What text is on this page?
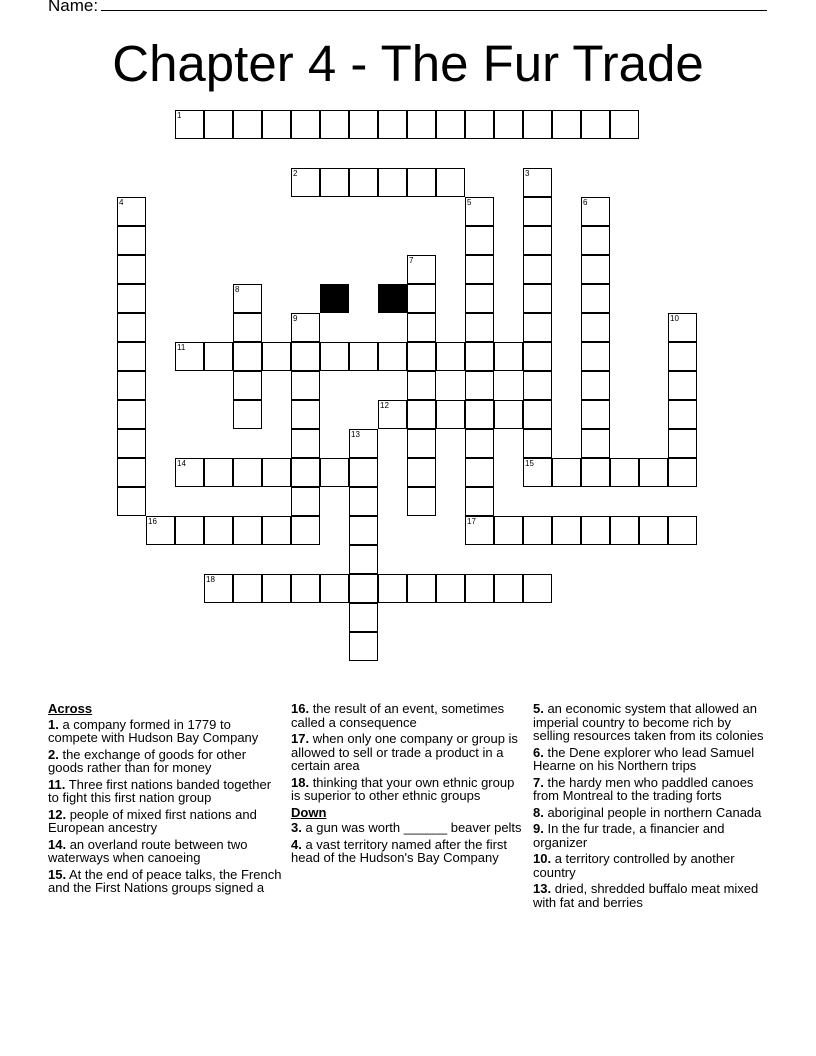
Name:
Chapter 4 - The Fur Trade
1
2	3
4	5	6
7
8
9	10
11
12
13
14	15
16	17
18
Across
1. a company formed in 1779 to compete with Hudson Bay Company
2. the exchange of goods for other goods rather than for money
11. Three first nations banded together to fight this first nation group
12. people of mixed first nations and European ancestry
14. an overland route between two waterways when canoeing
15. At the end of peace talks, the French and the First Nations groups signed a
16. the result of an event, sometimes called a consequence
17. when only one company or group is allowed to sell or trade a product in a certain area
18. thinking that your own ethnic group is superior to other ethnic groups
Down
3. a gun was worth ______ beaver pelts
4. a vast territory named after the first head of the Hudson's Bay Company
5. an economic system that allowed an imperial country to become rich by selling resources taken from its colonies
6. the Dene explorer who lead Samuel Hearne on his Northern trips
7. the hardy men who paddled canoes from Montreal to the trading forts
8. aboriginal people in northern Canada
9. In the fur trade, a financier and organizer
10. a territory controlled by another country
13. dried, shredded buffalo meat mixed with fat and berries
